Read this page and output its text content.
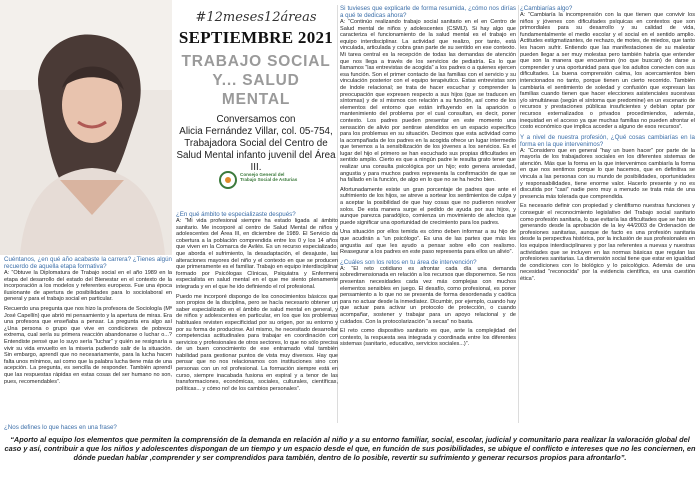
#12meses12áreas
SEPTIEMBRE 2021
TRABAJO SOCIAL Y... SALUD MENTAL
Conversamos con
Alicia Fernández Villar, col. 05-754, Trabajadora Social del Centro de Salud Mental infanto juvenil del Área III.
Consejo General del Trabajo Social de Asturias
Cuéntanos, ¿en qué año acabaste la carrera? ¿Tienes algún recuerdo de aquella etapa formativa?

A: “Obtuve la Diplomatura de Trabajo social en el año 1989 en la etapa del desarrollo del estado del Bienestar en el contexto de la incorporación a los modelos y referentes europeos. Fue una época ilusionante de apertura de posibilidades para lo sociolaboral en general y para el trabajo social en particular.

Recuerdo una pregunta que nos hizo la profesora de Sociología (Mª José Capellín) que abrió mi pensamiento y la apertura de miras. Era una profesora que enseñaba a pensar. La pregunta era algo así ¿Una persona o grupo que vive en condiciones de pobreza extrema, cual sería su primera reacción abandonarse o luchar o...? Entendiste pensé que lo suyo sería “luchar” y quién se resignaría a vivir su vida envuelto en la miseria pudiendo salir de la situación. Sin embargo, aprendí que no necesariamente, para la lucha hacen falta unos mínimos, así como que la palabra lucha tiene más de una acepción. La pregunta, es sencilla de responder. También aprendí que las respuestas rápidas en estas cosas del ser humano no son, pues, recomendables”.

¿En qué ámbito te especializaste después?

A: “Mi vida profesional siempre ha estado ligada al ámbito sanitario. Me incorporé al centro de Salud Mental de niños y adolescentes del Área III, en diciembre de 1989. El Servicio da cobertura a la población comprendida entre los 0 y los 14 años que viven en la Comarca de Avilés. Es un recurso especializado, que aborda el sufrimiento, la desadaptación, el desajuste, las alteraciones mayores del niño y el contexto en que se producen que primeramente es el familiar. Trabajo en equipo interdisciplinar formado por Psicólogas Clínicas, Psiquiatra y Enfermera especialista en salud mental en el que me siento plenamente integrada y en el que he ido definiendo el rol profesional.

Puedo me incorporé dispongo de los conocimientos básicos que son propios de la disciplina, pero se hacía necesario obtener un saber especializado en el ámbito de salud mental en general, y de niños y adolescentes en particular, en los que los problemas habituales revisten especificidad por su origen, por su entorno y por su forma de producirse. Así mismo, he necesitado desarrollar competencias actitudinales para trabajar en coordinación con servicios y profesionales de otros sectores, lo que no sólo precisa de un buen conocimiento de ese entramado vital también habilidad para gestionar puntos de vista muy diversos. Hay que pensar que no nos relacionamos con instituciones sino con personas con un rol profesional. La formación siempre está en curso, siempre inacabada fusiona en espiral y a tenor de las transformaciones, económicas, sociales, culturales, científicas, políticas... y cómo no! de los cambios personales”.

Si tuvieses que explicarle de forma resumida, ¿cómo nos dirías a qué te dedicas ahora?

A: “Continúo realizando trabajo social sanitario en el en Centro de Salud mental de niños y adolescentes (CSMIJ). Si hay algo que caracteriza el funcionamiento de la salud mental es el trabajo en equipo interdisciplinar. La actividad que realizo, por tanto, está vinculada, articulada y cobra gran parte de su sentido en ese contexto. Mi tarea central es la recepción de todas las demandas de atención que nos llega a través de los servicios de pediatría. Es lo que llamamos “las entrevistas de acogida” a los padres o a quienes ejercen esa función. Son el primer contacto de las familias con el servicio y su vinculación posterior con el equipo terapéutico. Estas entrevistas son de índole relacional; se trata de hacer escuchar y comprender la preocupación que expresen respecto a sus hijos (que se traducen en síntomas) y de sí mismos con relación a su función, así como de los elementos del entorno que están influyendo en la aparición o mantenimiento del problema por el cual consultan, es decir, poner contexto. Los padres pueden presentar en este momento una sensación de alivio por sentirse atendidos en un espacio específico para los problemas en su situación. Decimos que esta actividad como la acompañada de los padres en la acogida ofrece un lugar intermedio que tenemos a la sensibilización de los jóvenes a los servicios. Es el lugar del hijo el primero se han escuchado sus propias dificultades en sentido amplio. Cierto es que a ningún padre le resulta grato tener que realizar una consulta psicológica por un hijo; esto genera ansiedad, angustia y para muchos padres representa la confirmación de que se ha fallado en la función, de algo en lo que no se ha hecho bien.

Afortunadamente existe un gran porcentaje de padres que ante el sufrimiento de los hijos, se atreve a sortear los sentimientos de culpa y a aceptar la posibilidad de que hay cosas que no pudieron resolver solos. De esta manera surge el pedido de ayuda por sus hijos, y aunque parezca paradójico, comienza un movimiento de afectos que puede significar una oportunidad de crecimiento para los padres.

Una situación por ellos temida es cómo deben informar a su hijo de que acudirán a “un psicólogo”. Es una de las partes que más les angustia así que les ayudo a pensar sobre ello con realismo. Reasegurar a los padres en este paso representa para ellos un alivio”.

¿Cuáles son los retos en tu área de intervención?

A: “El reto cotidiano es afrontar cada día una demanda sobredimensionada en relación a los recursos que disponemos. Se nos presentan necesidades cada vez más complejas con muchos elementos sensibles en juego. El desafío, como profesional, es poner pensamiento a lo que no se presenta de forma desordenada y caótica para no actuar desde la inmediatez. Dicumbir, por ejemplo, cuando hay que actuar para activar un protocolo de protección, o cuando acompañar, sostener y trabajar para un apoyo relacional y de cuidados. Con la protocolarización “a secas” no basta.

El reto como dispositivo sanitario es que, ante la complejidad del contexto, la respuesta sea integrada y coordinada entre los diferentes sistemas (sanitario, educativo, servicios sociales...)”.

¿Cambiarías algo?

A: “Cambiaría la incomprensión con la que tienen que convivir los niños y jóvenes con dificultades psíquicas en contextos que son primordiales para su desarrollo y su calidad de vida, fundamentalmente el medio escolar y el social en el sentido amplio. Actitudes estigmatizantes, de rechazo, de motes, de miedos, que tanto les hacen sufrir. Entiendo que las manifestaciones de su malestar pueden llegar a ser muy molestas pero también habría que entender que son la manera que encuentran (no que buscan) de darse a comprender y una oportunidad para que los adultos conecten con sus dificultades. La buena comprensión calma, los acercamientos bien intencionados no tanto, porque tienen un cierto recorrido. También cambiaría el sentimiento de soledad y confusión que expresan las familias cuando tienen que hacer elecciones asistenciales sucesivas y/o simultáneas (según el síntoma que predomine) en un escenario de recursos y prestaciones públicas insuficientes y debían optar por recursos externalizados o privados procedimiendos, además, inequidad en el acceso ya que muchas familias no pueden afrontar el costo económico que implica acceder a alguno de esos recursos”.

Y a nivel de nuestra profesión, ¿Qué cosas cambiarías en la forma en la que intervenimos?

A: “Considero que en general “hay un buen hacer” por parte de la mayoría de los trabajadores sociales en los diferentes sistemas de atención. Más que la forma en la que intervenimos cambiaría la forma en que nos sentimos porque lo que hacemos, que en definitiva se vincula a las personas con su mundo de posibilidades, oportunidades y responsabilidades, tiene enorme valor. Hacerlo presente y no es discutida por “casi” nadie pero muy a menudo se trata más de una presencia más tolerada que comprendida.

Es necesario definir con propiedad y clentifismo nuestras funciones y conseguir el reconocimiento legislativo del Trabajo social sanitario como profesión sanitaria, lo que evitaría las dificultades que se han ido generando desde la aprobación de la ley 44/2003 de Ordenación de profesiones sanitarias, aunque de facto es una profesión sanitaria desde la perspectiva histórica, por la inclusión de sus profesionales en los equipos interdisciplinares y por las referentes a nuevas y nuestras actividades que se incluyen en las normas básicas que regulan las profesiones sanitarias. La dimensión social tiene que estar en igualdad de condiciones con lo biológico y lo psicológico. Además de una necesidad “reconocida” por la evidencia científica, es una cuestión ética”.

¿Nos defines lo que haces en una frase?
“Aporto al equipo los elementos que permiten la comprensión de la demanda en relación al niño y a su entorno familiar, social, escolar, judicial y comunitario para realizar la valoración global del caso y así, contribuir a que los niños y adolescentes dispongan de un tiempo y un espacio desde el que, en función de sus posibilidades, se ubique el conflicto e intereses que no les conciernen, en dónde puedan hablar ,comprender y ser comprendidos para también, dentro de lo posible, revertir su sufrimiento y generar recursos propios para afrontarlo”.
